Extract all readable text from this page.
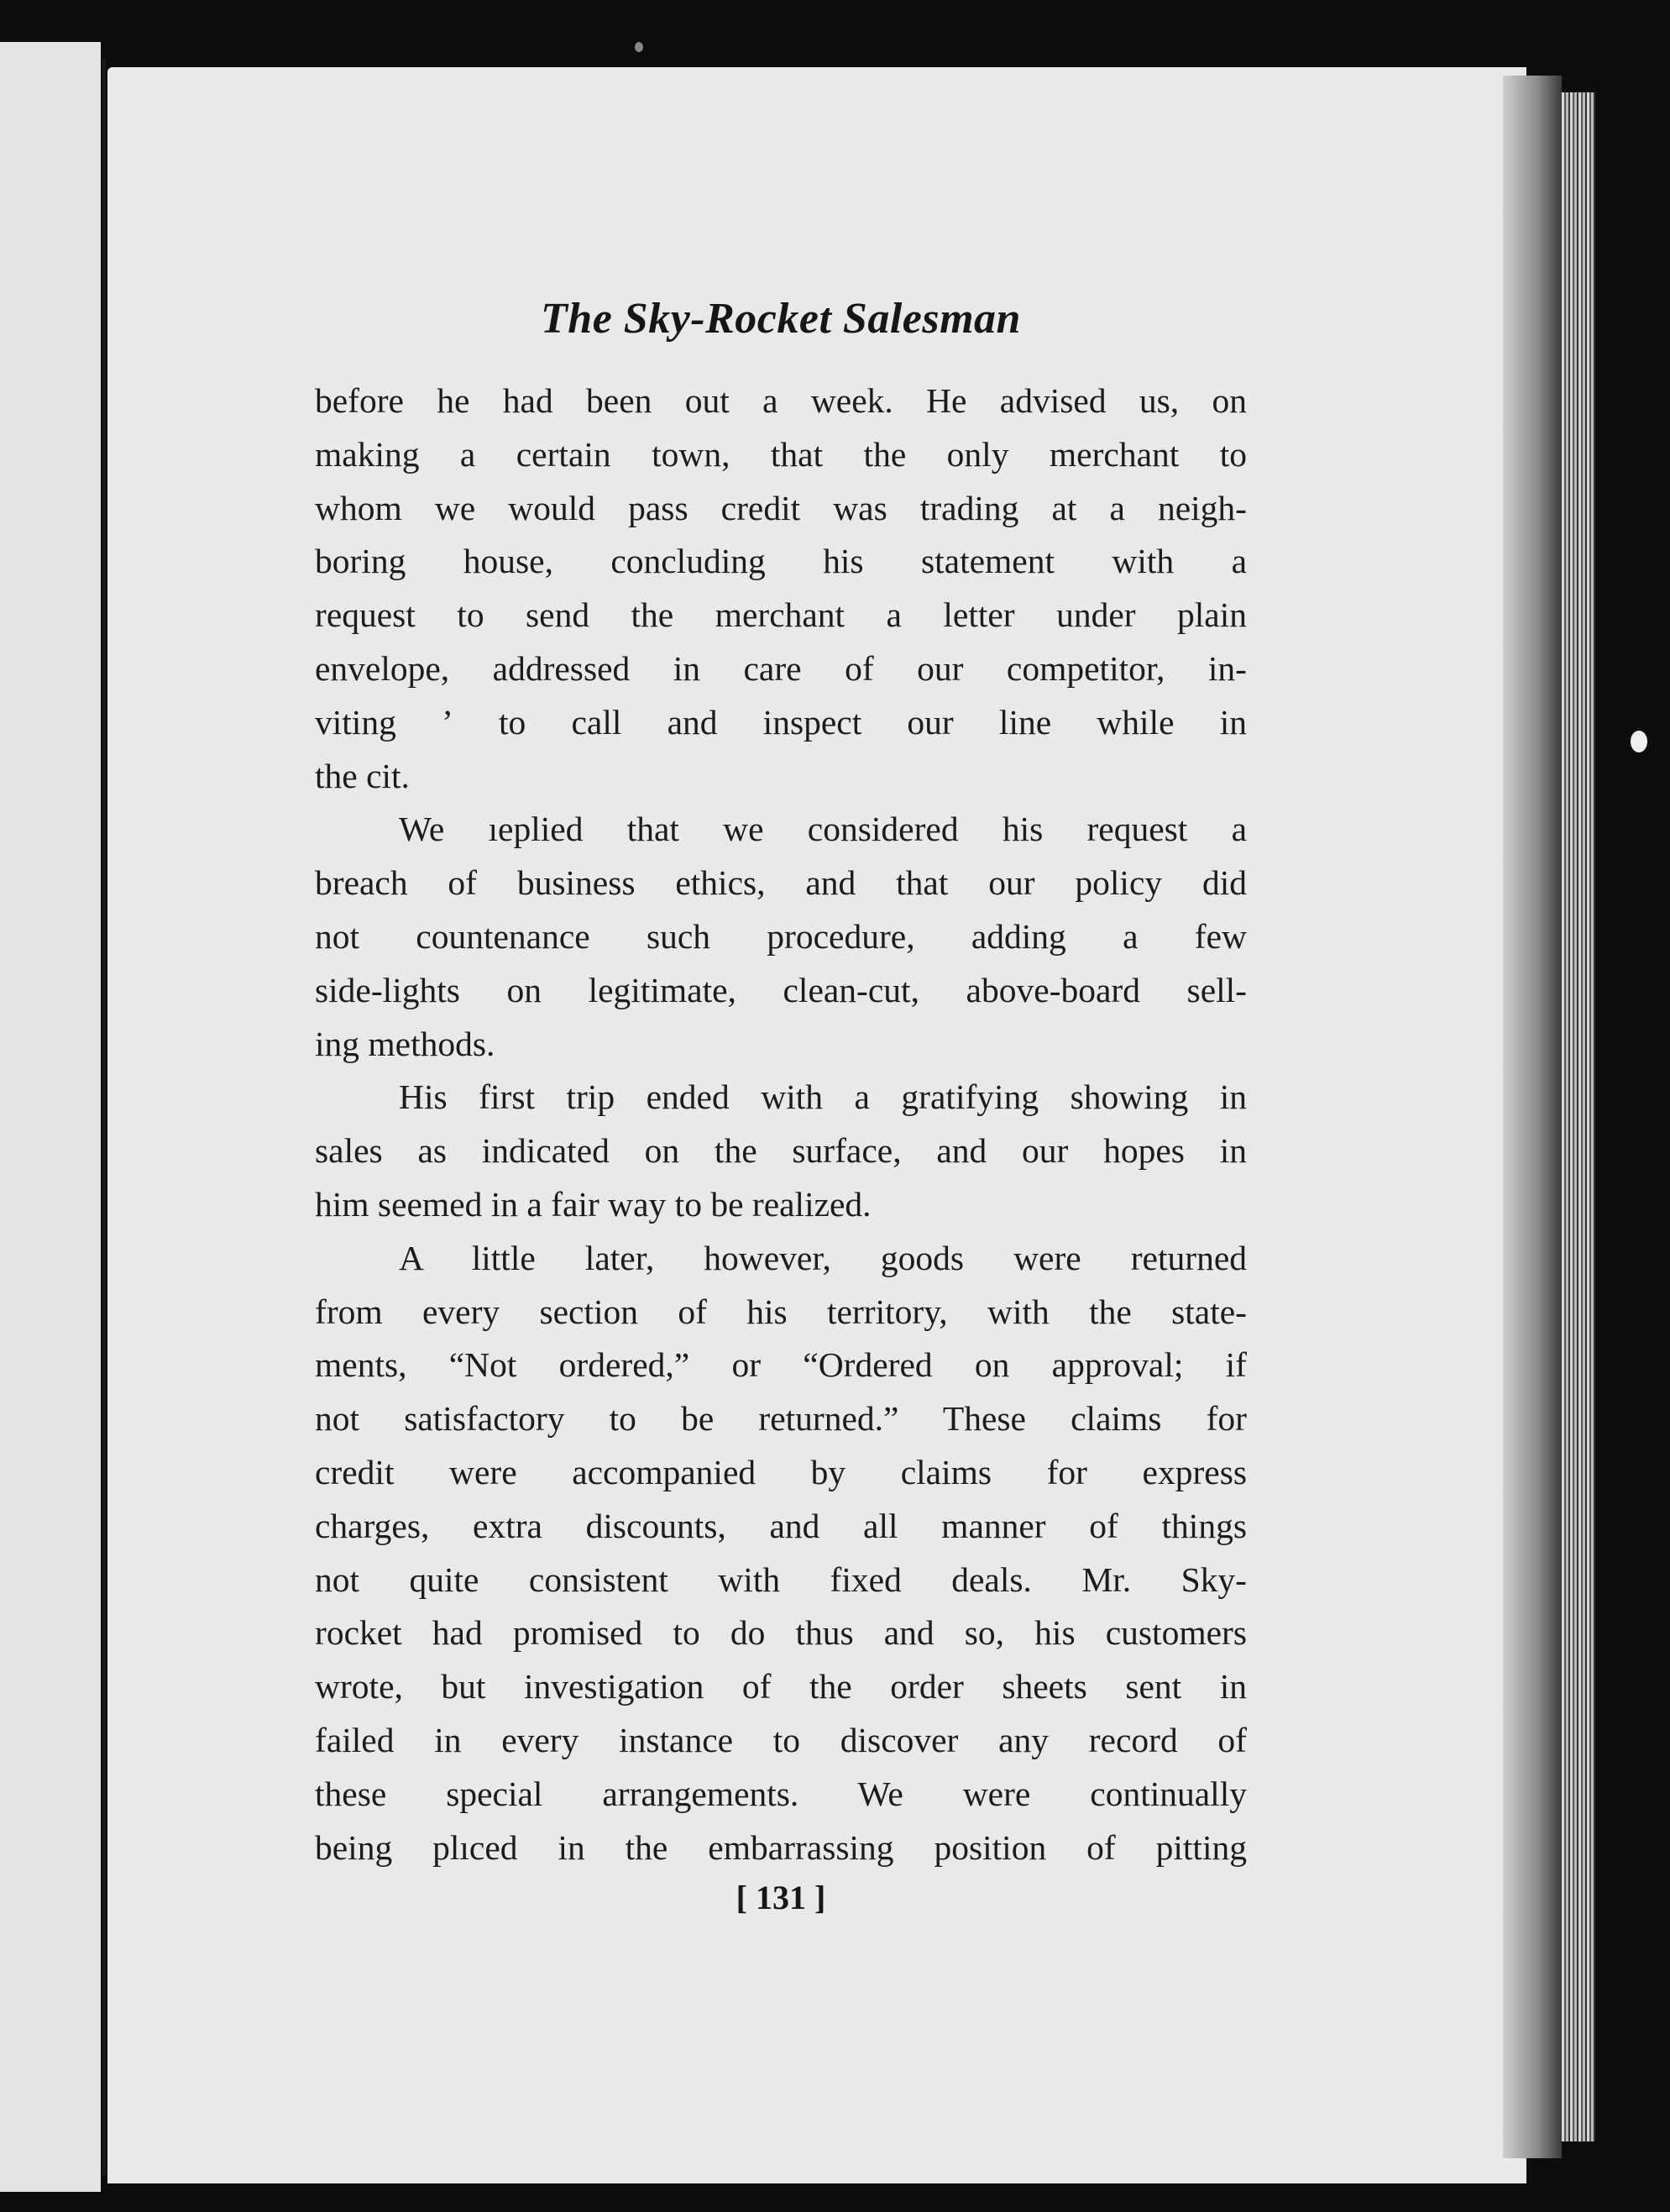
The Sky-Rocket Salesman
before he had been out a week. He advised us, on
making a certain town, that the only merchant to
whom we would pass credit was trading at a neigh-
boring house, concluding his statement with a
request to send the merchant a letter under plain
envelope, addressed in care of our competitor, in-
viting ʼ to call and inspect our line while in
the cit.
We ıeplied that we considered his request a
breach of business ethics, and that our policy did
not countenance such procedure, adding a few
side-lights on legitimate, clean-cut, above-board sell-
ing methods.
His first trip ended with a gratifying showing in
sales as indicated on the surface, and our hopes in
him seemed in a fair way to be realized.
A little later, however, goods were returned
from every section of his territory, with the state-
ments, “Not ordered,” or “Ordered on approval; if
not satisfactory to be returned.” These claims for
credit were accompanied by claims for express
charges, extra discounts, and all manner of things
not quite consistent with fixed deals. Mr. Sky-
rocket had promised to do thus and so, his customers
wrote, but investigation of the order sheets sent in
failed in every instance to discover any record of
these special arrangements. We were continually
being plıced in the embarrassing position of pitting
[ 131 ]
